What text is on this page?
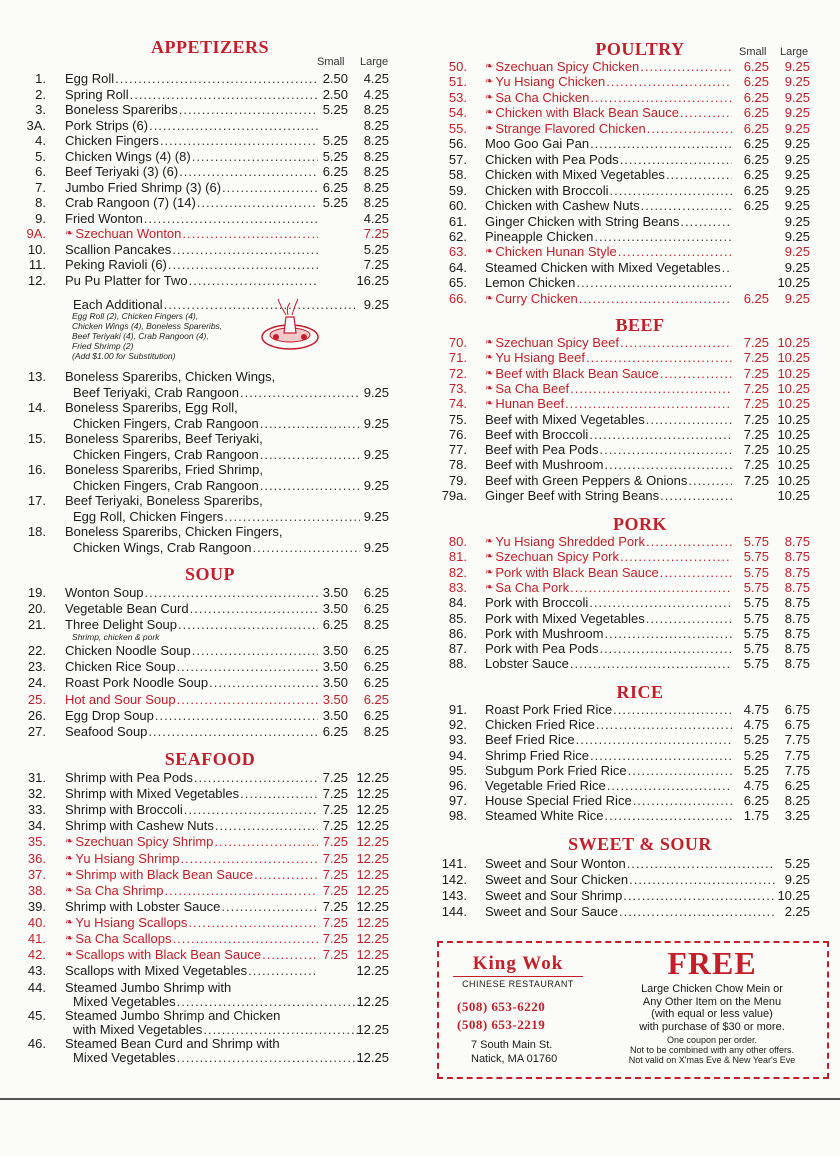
APPETIZERS
Small Large
1. Egg Roll .....	2.50 4.25
2. Spring Roll .....	2.50 4.25
3. Boneless Spareribs .....	5.25 8.25
3A. Pork Strips (6) .....	8.25
4. Chicken Fingers .....	5.25 8.25
5. Chicken Wings (4) (8) .....	5.25 8.25
6. Beef Teriyaki (3) (6) .....	6.25 8.25
7. Jumbo Fried Shrimp (3) (6) .....	6.25 8.25
8. Crab Rangoon (7) (14) .....	5.25 8.25
9. Fried Wonton .....	4.25
9A. ❧ Szechuan Wonton .....	7.25
10. Scallion Pancakes .....	5.25
11. Peking Ravioli (6) .....	7.25
12. Pu Pu Platter for Two .....	16.25
Each Additional .....	9.25
Egg Roll (2), Chicken Fingers (4),
Chicken Wings (4), Boneless Spareribs,
Beef Teriyaki (4), Crab Rangoon (4),
Fried Shrimp (2)
(Add $1.00 for Substitution)
13. Boneless Spareribs, Chicken Wings,
Beef Teriyaki, Crab Rangoon .....	9.25
14. Boneless Spareribs, Egg Roll,
Chicken Fingers, Crab Rangoon .....	9.25
15. Boneless Spareribs, Beef Teriyaki,
Chicken Fingers, Crab Rangoon .....	9.25
16. Boneless Spareribs, Fried Shrimp,
Chicken Fingers, Crab Rangoon .....	9.25
17. Beef Teriyaki, Boneless Spareribs,
Egg Roll, Chicken Fingers .....	9.25
18. Boneless Spareribs, Chicken Fingers,
Chicken Wings, Crab Rangoon .....	9.25
SOUP
19. Wonton Soup .....	3.50 6.25
20. Vegetable Bean Curd .....	3.50 6.25
21. Three Delight Soup .....	6.25 8.25
22. Chicken Noodle Soup .....	3.50 6.25
23. Chicken Rice Soup .....	3.50 6.25
24. Roast Pork Noodle Soup .....	3.50 6.25
25. Hot and Sour Soup .....	3.50 6.25
26. Egg Drop Soup .....	3.50 6.25
27. Seafood Soup .....	6.25 8.25
Shrimp, chicken & pork
SEAFOOD
31. Shrimp with Pea Pods .....	7.25 12.25
32. Shrimp with Mixed Vegetables .....	7.25 12.25
33. Shrimp with Broccoli .....	7.25 12.25
34. Shrimp with Cashew Nuts .....	7.25 12.25
35. ❧ Szechuan Spicy Shrimp .....	7.25 12.25
36. ❧ Yu Hsiang Shrimp .....	7.25 12.25
37. ❧ Shrimp with Black Bean Sauce .....	7.25 12.25
38. ❧ Sa Cha Shrimp .....	7.25 12.25
39. Shrimp with Lobster Sauce .....	7.25 12.25
40. ❧ Yu Hsiang Scallops .....	7.25 12.25
41. ❧ Sa Cha Scallops .....	7.25 12.25
42. ❧ Scallops with Black Bean Sauce .....	7.25 12.25
43. Scallops with Mixed Vegetables .....	12.25
44. Steamed Jumbo Shrimp with
Mixed Vegetables .....	12.25
45. Steamed Jumbo Shrimp and Chicken
with Mixed Vegetables .....	12.25
46. Steamed Bean Curd and Shrimp with
Mixed Vegetables .....	12.25
POULTRY	Small Large
50. ❧ Szechuan Spicy Chicken .....	6.25 9.25
51. ❧ Yu Hsiang Chicken .....	6.25 9.25
53. ❧ Sa Cha Chicken .....	6.25 9.25
54. ❧ Chicken with Black Bean Sauce .....	6.25 9.25
55. ❧ Strange Flavored Chicken .....	6.25 9.25
56. Moo Goo Gai Pan .....	6.25 9.25
57. Chicken with Pea Pods .....	6.25 9.25
58. Chicken with Mixed Vegetables .....	6.25 9.25
59. Chicken with Broccoli .....	6.25 9.25
60. Chicken with Cashew Nuts .....	6.25 9.25
61. Ginger Chicken with String Beans .....	9.25
62. Pineapple Chicken .....	9.25
63. ❧ Chicken Hunan Style .....	9.25
64. Steamed Chicken with Mixed Vegetables .....	9.25
65. Lemon Chicken .....	10.25
66. ❧ Curry Chicken .....	6.25 9.25
BEEF
70. ❧ Szechuan Spicy Beef .....	7.25 10.25
71. ❧ Yu Hsiang Beef .....	7.25 10.25
72. ❧ Beef with Black Bean Sauce .....	7.25 10.25
73. ❧ Sa Cha Beef .....	7.25 10.25
74. ❧ Hunan Beef .....	7.25 10.25
75. Beef with Mixed Vegetables .....	7.25 10.25
76. Beef with Broccoli .....	7.25 10.25
77. Beef with Pea Pods .....	7.25 10.25
78. Beef with Mushroom .....	7.25 10.25
79. Beef with Green Peppers & Onions .....	7.25 10.25
79a. Ginger Beef with String Beans .....	10.25
PORK
80. ❧ Yu Hsiang Shredded Pork .....	5.75 8.75
81. ❧ Szechuan Spicy Pork .....	5.75 8.75
82. ❧ Pork with Black Bean Sauce .....	5.75 8.75
83. ❧ Sa Cha Pork .....	5.75 8.75
84. Pork with Broccoli .....	5.75 8.75
85. Pork with Mixed Vegetables .....	5.75 8.75
86. Pork with Mushroom .....	5.75 8.75
87. Pork with Pea Pods .....	5.75 8.75
88. Lobster Sauce .....	5.75 8.75
RICE
91. Roast Pork Fried Rice .....	4.75 6.75
92. Chicken Fried Rice .....	4.75 6.75
93. Beef Fried Rice .....	5.25 7.75
94. Shrimp Fried Rice .....	5.25 7.75
95. Subgum Pork Fried Rice .....	5.25 7.75
96. Vegetable Fried Rice .....	4.75 6.25
97. House Special Fried Rice .....	6.25 8.25
98. Steamed White Rice .....	1.75 3.25
SWEET & SOUR
141. Sweet and Sour Wonton .....	5.25
142. Sweet and Sour Chicken .....	9.25
143. Sweet and Sour Shrimp .....	10.25
144. Sweet and Sour Sauce .....	2.25
King Wok
CHINESE RESTAURANT
(508) 653-6220
(508) 653-2219
7 South Main St.
Natick, MA 01760
FREE
Large Chicken Chow Mein or
Any Other Item on the Menu
(with equal or less value)
with purchase of $30 or more.
One coupon per order.
Not to be combined with any other offers.
Not valid on X'mas Eve & New Year's Eve
